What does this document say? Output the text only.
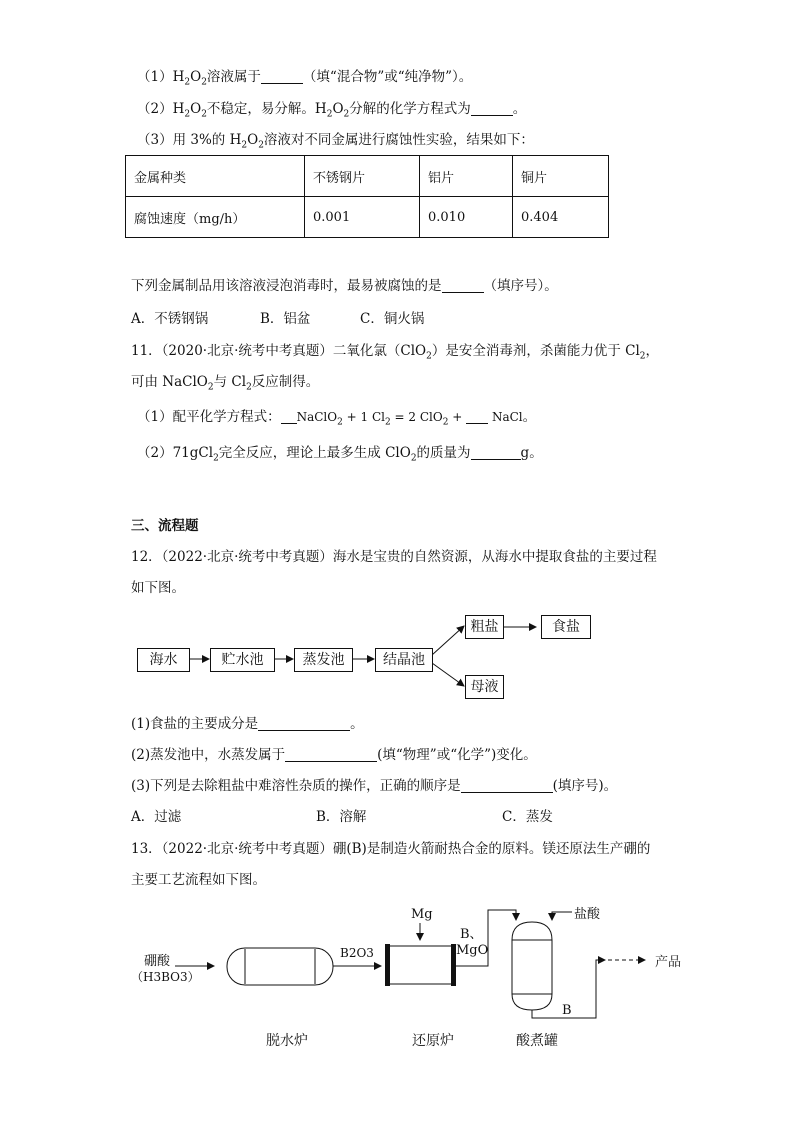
$(1)H_2O_2$溶液属于	（填“混合物”或“纯净物”）。
$(2)H_2O_2$不稳定，易分解。$H_2O_2$分解的化学方程式为	。
（3）用 3%的 $H_2O_2$溶液对不同金属进行腐蚀性实验，结果如下：
金属种类	不锈钢片	铝片	铜片
腐蚀速度（mg/h）	0.001	0.010	0.404
下列金属制品用该溶液浸泡消毒时，最易被腐蚀的是	（填序号）。
A．不锈钢锅	B．铝盆	C．铜火锅
11．（2020·北京·统考中考真题）二氧化氯（ClO$_2$）是安全消毒剂，杀菌能力优于 $Cl_2$，
可由 NaClO$_2$与 $Cl_2$反应制得。
（1）配平化学方程式： NaClO$_2$ + 1 $Cl_2 = 2$ ClO$_2$ +  NaCl。
（2）71gCl$_2$完全反应，理论上最多生成 ClO$_2$的质量为	g。
三、流程题
12．（2022·北京·统考中考真题）海水是宝贵的自然资源，从海水中提取食盐的主要过程
如下图。
海水	贮水池	蒸发池	结晶池
粗盐	食盐
母液
(1)食盐的主要成分是	。
(2)蒸发池中，水蒸发属于	(填“物理”或“化学”)变化。
(3)下列是去除粗盐中难溶性杂质的操作，正确的顺序是	(填序号)。
A．过滤	B．溶解	C．蒸发
13．（2022·北京·统考中考真题）硼(B)是制造火箭耐热合金的原料。镁还原法生产硼的
主要工艺流程如下图。
硼酸
（H3BO3）
B2O3
Mg
B、
MgO
盐酸
B
产品
脱水炉	还原炉	酸煮罐
